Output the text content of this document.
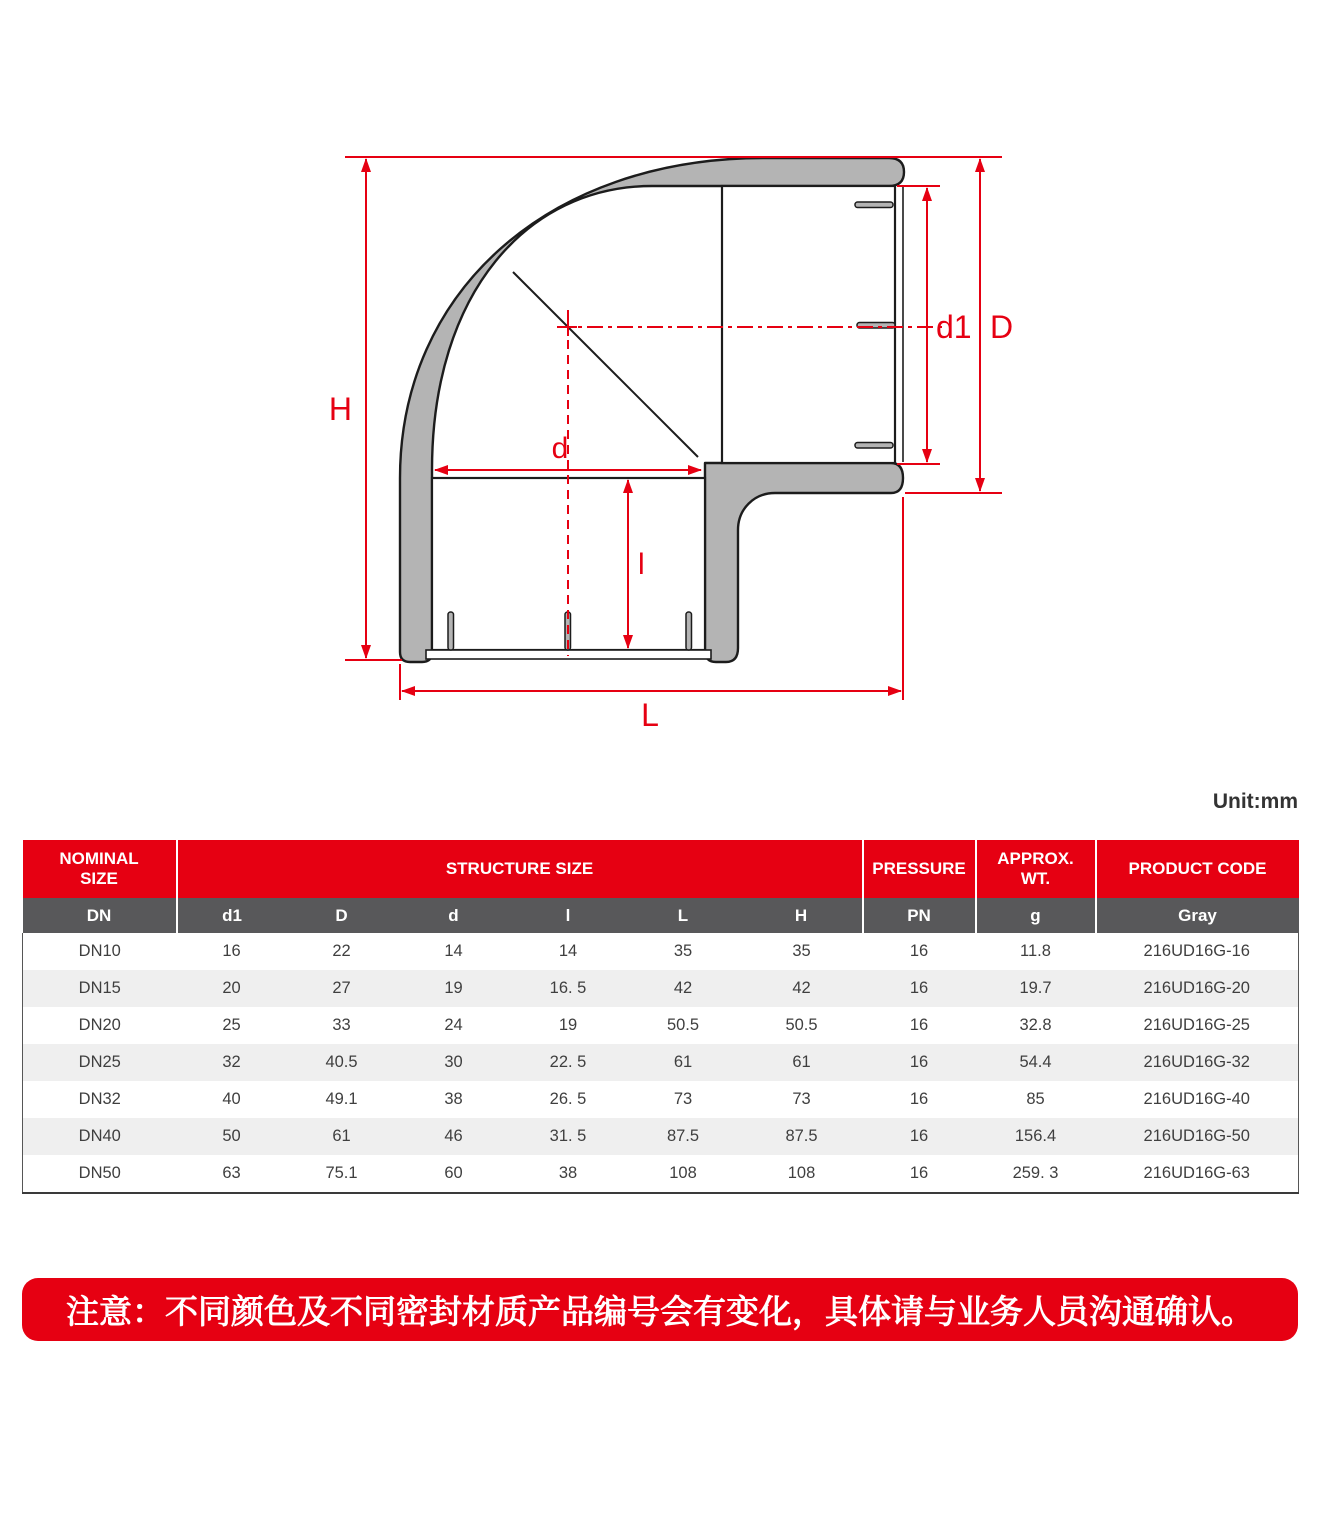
H
L
D
d1
d
l
Unit:mm
NOMINAL SIZE	STRUCTURE SIZE						PRESSURE	APPROX. WT.	PRODUCT CODE
DN	d1	D	d	l	L	H	PN	g	Gray
DN10	16	22	14	14	35	35	16	11.8	216UD16G-16
DN15	20	27	19	16. 5	42	42	16	19.7	216UD16G-20
DN20	25	33	24	19	50.5	50.5	16	32.8	216UD16G-25
DN25	32	40.5	30	22. 5	61	61	16	54.4	216UD16G-32
DN32	40	49.1	38	26. 5	73	73	16	85	216UD16G-40
DN40	50	61	46	31. 5	87.5	87.5	16	156.4	216UD16G-50
DN50	63	75.1	60	38	108	108	16	259. 3	216UD16G-63
注意：不同颜色及不同密封材质产品编号会有变化，具体请与业务人员沟通确认。
